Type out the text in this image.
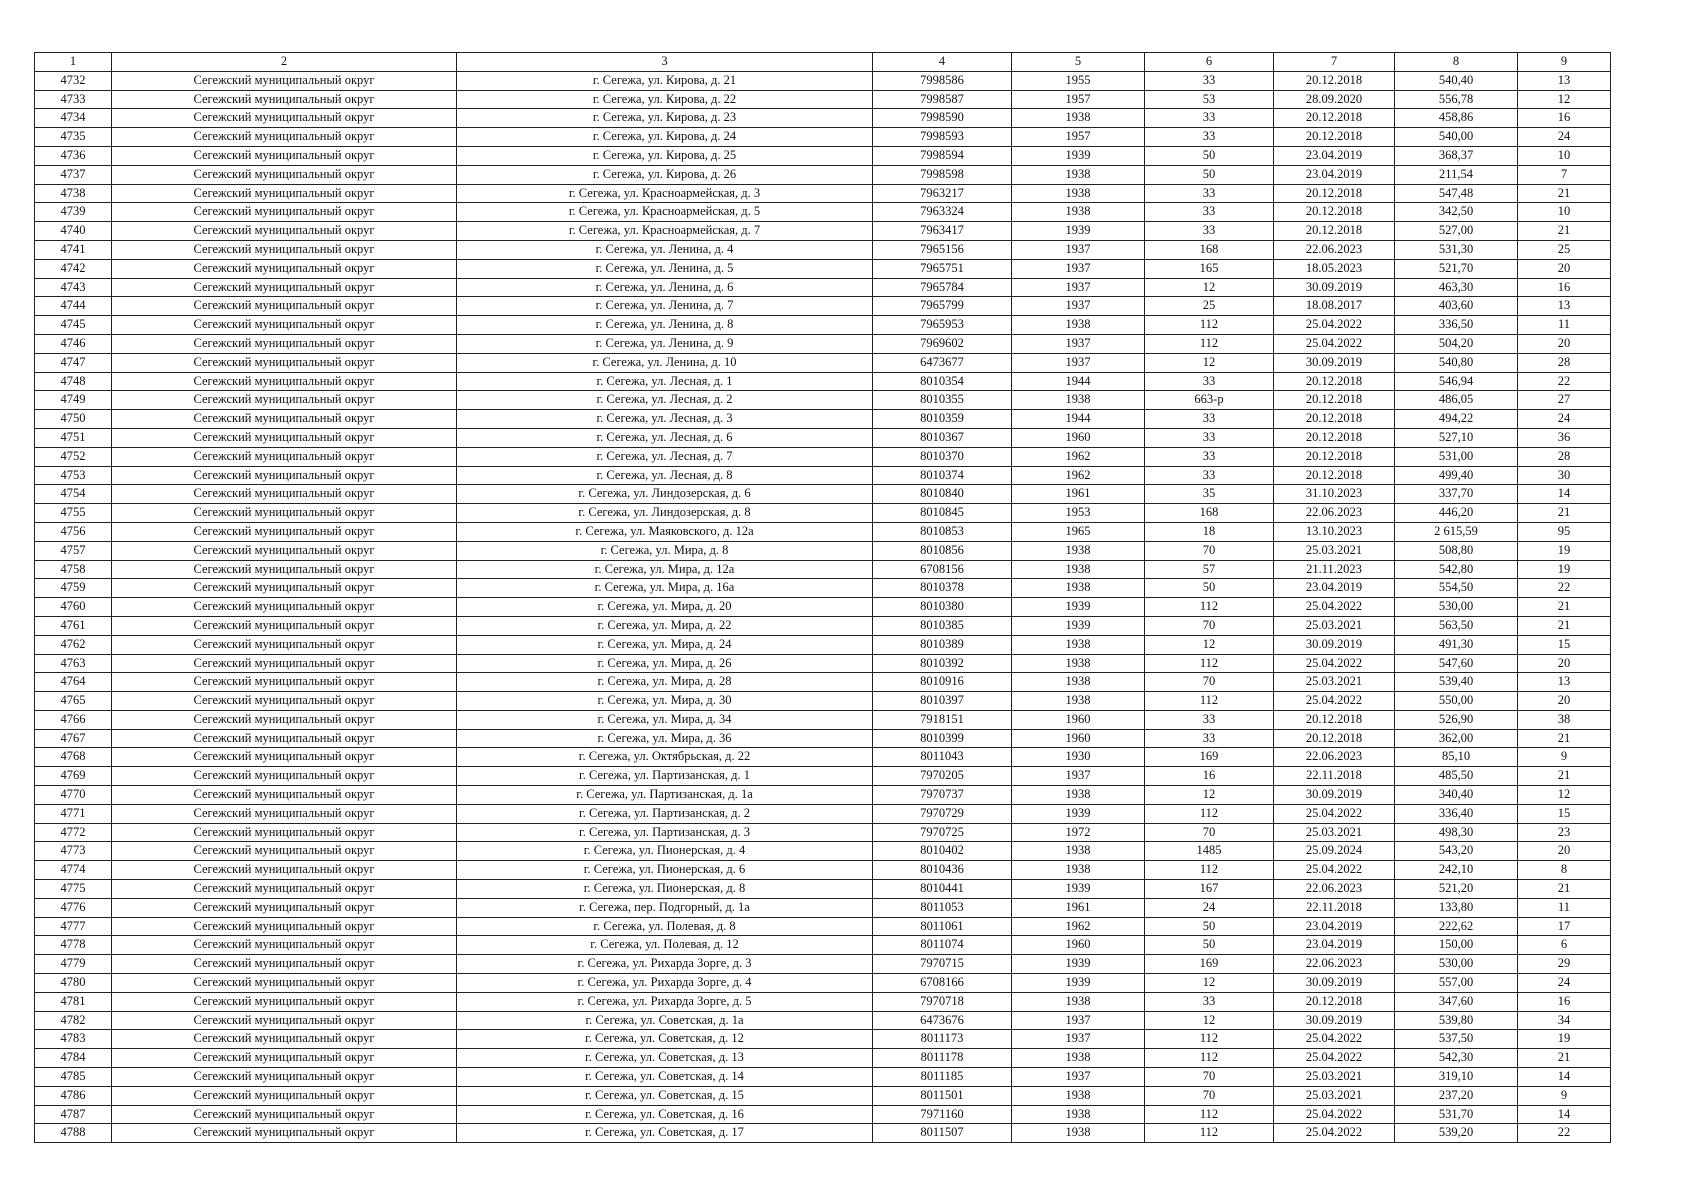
1	2	3	4	5	6	7	8	9
4732	Сегежский муниципальный округ	г. Сегежа, ул. Кирова, д. 21	7998586	1955	33	20.12.2018	540,40	13
4733	Сегежский муниципальный округ	г. Сегежа, ул. Кирова, д. 22	7998587	1957	53	28.09.2020	556,78	12
4734	Сегежский муниципальный округ	г. Сегежа, ул. Кирова, д. 23	7998590	1938	33	20.12.2018	458,86	16
4735	Сегежский муниципальный округ	г. Сегежа, ул. Кирова, д. 24	7998593	1957	33	20.12.2018	540,00	24
4736	Сегежский муниципальный округ	г. Сегежа, ул. Кирова, д. 25	7998594	1939	50	23.04.2019	368,37	10
4737	Сегежский муниципальный округ	г. Сегежа, ул. Кирова, д. 26	7998598	1938	50	23.04.2019	211,54	7
4738	Сегежский муниципальный округ	г. Сегежа, ул. Красноармейская, д. 3	7963217	1938	33	20.12.2018	547,48	21
4739	Сегежский муниципальный округ	г. Сегежа, ул. Красноармейская, д. 5	7963324	1938	33	20.12.2018	342,50	10
4740	Сегежский муниципальный округ	г. Сегежа, ул. Красноармейская, д. 7	7963417	1939	33	20.12.2018	527,00	21
4741	Сегежский муниципальный округ	г. Сегежа, ул. Ленина, д. 4	7965156	1937	168	22.06.2023	531,30	25
4742	Сегежский муниципальный округ	г. Сегежа, ул. Ленина, д. 5	7965751	1937	165	18.05.2023	521,70	20
4743	Сегежский муниципальный округ	г. Сегежа, ул. Ленина, д. 6	7965784	1937	12	30.09.2019	463,30	16
4744	Сегежский муниципальный округ	г. Сегежа, ул. Ленина, д. 7	7965799	1937	25	18.08.2017	403,60	13
4745	Сегежский муниципальный округ	г. Сегежа, ул. Ленина, д. 8	7965953	1938	112	25.04.2022	336,50	11
4746	Сегежский муниципальный округ	г. Сегежа, ул. Ленина, д. 9	7969602	1937	112	25.04.2022	504,20	20
4747	Сегежский муниципальный округ	г. Сегежа, ул. Ленина, д. 10	6473677	1937	12	30.09.2019	540,80	28
4748	Сегежский муниципальный округ	г. Сегежа, ул. Лесная, д. 1	8010354	1944	33	20.12.2018	546,94	22
4749	Сегежский муниципальный округ	г. Сегежа, ул. Лесная, д. 2	8010355	1938	663-р	20.12.2018	486,05	27
4750	Сегежский муниципальный округ	г. Сегежа, ул. Лесная, д. 3	8010359	1944	33	20.12.2018	494,22	24
4751	Сегежский муниципальный округ	г. Сегежа, ул. Лесная, д. 6	8010367	1960	33	20.12.2018	527,10	36
4752	Сегежский муниципальный округ	г. Сегежа, ул. Лесная, д. 7	8010370	1962	33	20.12.2018	531,00	28
4753	Сегежский муниципальный округ	г. Сегежа, ул. Лесная, д. 8	8010374	1962	33	20.12.2018	499,40	30
4754	Сегежский муниципальный округ	г. Сегежа, ул. Линдозерская, д. 6	8010840	1961	35	31.10.2023	337,70	14
4755	Сегежский муниципальный округ	г. Сегежа, ул. Линдозерская, д. 8	8010845	1953	168	22.06.2023	446,20	21
4756	Сегежский муниципальный округ	г. Сегежа, ул. Маяковского, д. 12а	8010853	1965	18	13.10.2023	2 615,59	95
4757	Сегежский муниципальный округ	г. Сегежа, ул. Мира, д. 8	8010856	1938	70	25.03.2021	508,80	19
4758	Сегежский муниципальный округ	г. Сегежа, ул. Мира, д. 12а	6708156	1938	57	21.11.2023	542,80	19
4759	Сегежский муниципальный округ	г. Сегежа, ул. Мира, д. 16а	8010378	1938	50	23.04.2019	554,50	22
4760	Сегежский муниципальный округ	г. Сегежа, ул. Мира, д. 20	8010380	1939	112	25.04.2022	530,00	21
4761	Сегежский муниципальный округ	г. Сегежа, ул. Мира, д. 22	8010385	1939	70	25.03.2021	563,50	21
4762	Сегежский муниципальный округ	г. Сегежа, ул. Мира, д. 24	8010389	1938	12	30.09.2019	491,30	15
4763	Сегежский муниципальный округ	г. Сегежа, ул. Мира, д. 26	8010392	1938	112	25.04.2022	547,60	20
4764	Сегежский муниципальный округ	г. Сегежа, ул. Мира, д. 28	8010916	1938	70	25.03.2021	539,40	13
4765	Сегежский муниципальный округ	г. Сегежа, ул. Мира, д. 30	8010397	1938	112	25.04.2022	550,00	20
4766	Сегежский муниципальный округ	г. Сегежа, ул. Мира, д. 34	7918151	1960	33	20.12.2018	526,90	38
4767	Сегежский муниципальный округ	г. Сегежа, ул. Мира, д. 36	8010399	1960	33	20.12.2018	362,00	21
4768	Сегежский муниципальный округ	г. Сегежа, ул. Октябрьская, д. 22	8011043	1930	169	22.06.2023	85,10	9
4769	Сегежский муниципальный округ	г. Сегежа, ул. Партизанская, д. 1	7970205	1937	16	22.11.2018	485,50	21
4770	Сегежский муниципальный округ	г. Сегежа, ул. Партизанская, д. 1а	7970737	1938	12	30.09.2019	340,40	12
4771	Сегежский муниципальный округ	г. Сегежа, ул. Партизанская, д. 2	7970729	1939	112	25.04.2022	336,40	15
4772	Сегежский муниципальный округ	г. Сегежа, ул. Партизанская, д. 3	7970725	1972	70	25.03.2021	498,30	23
4773	Сегежский муниципальный округ	г. Сегежа, ул. Пионерская, д. 4	8010402	1938	1485	25.09.2024	543,20	20
4774	Сегежский муниципальный округ	г. Сегежа, ул. Пионерская, д. 6	8010436	1938	112	25.04.2022	242,10	8
4775	Сегежский муниципальный округ	г. Сегежа, ул. Пионерская, д. 8	8010441	1939	167	22.06.2023	521,20	21
4776	Сегежский муниципальный округ	г. Сегежа, пер. Подгорный, д. 1а	8011053	1961	24	22.11.2018	133,80	11
4777	Сегежский муниципальный округ	г. Сегежа, ул. Полевая, д. 8	8011061	1962	50	23.04.2019	222,62	17
4778	Сегежский муниципальный округ	г. Сегежа, ул. Полевая, д. 12	8011074	1960	50	23.04.2019	150,00	6
4779	Сегежский муниципальный округ	г. Сегежа, ул. Рихарда Зорге, д. 3	7970715	1939	169	22.06.2023	530,00	29
4780	Сегежский муниципальный округ	г. Сегежа, ул. Рихарда Зорге, д. 4	6708166	1939	12	30.09.2019	557,00	24
4781	Сегежский муниципальный округ	г. Сегежа, ул. Рихарда Зорге, д. 5	7970718	1938	33	20.12.2018	347,60	16
4782	Сегежский муниципальный округ	г. Сегежа, ул. Советская, д. 1а	6473676	1937	12	30.09.2019	539,80	34
4783	Сегежский муниципальный округ	г. Сегежа, ул. Советская, д. 12	8011173	1937	112	25.04.2022	537,50	19
4784	Сегежский муниципальный округ	г. Сегежа, ул. Советская, д. 13	8011178	1938	112	25.04.2022	542,30	21
4785	Сегежский муниципальный округ	г. Сегежа, ул. Советская, д. 14	8011185	1937	70	25.03.2021	319,10	14
4786	Сегежский муниципальный округ	г. Сегежа, ул. Советская, д. 15	8011501	1938	70	25.03.2021	237,20	9
4787	Сегежский муниципальный округ	г. Сегежа, ул. Советская, д. 16	7971160	1938	112	25.04.2022	531,70	14
4788	Сегежский муниципальный округ	г. Сегежа, ул. Советская, д. 17	8011507	1938	112	25.04.2022	539,20	22
